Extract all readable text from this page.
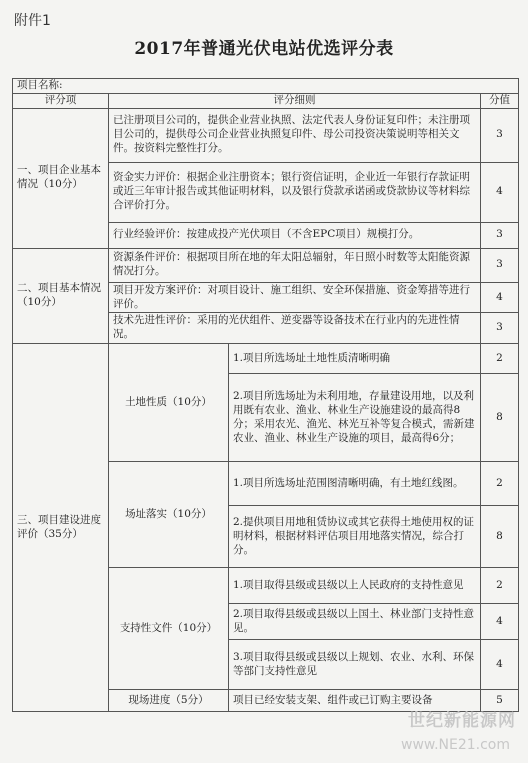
附件1
2017年普通光伏电站优选评分表
项目名称:			
评分项	评分细则		分值
一、项目企业基本情况（10分）	已注册项目公司的，提供企业营业执照、法定代表人身份证复印件；未注册项目公司的，提供母公司企业营业执照复印件、母公司投资决策说明等相关文件。按资料完整性打分。		3
	资金实力评价：根据企业注册资本；银行资信证明，企业近一年银行存款证明或近三年审计报告或其他证明材料，以及银行贷款承诺函或贷款协议等材料综合评价打分。		4
	行业经验评价：按建成投产光伏项目（不含EPC项目）规模打分。		3
二、项目基本情况（10分）	资源条件评价：根据项目所在地的年太阳总辐射，年日照小时数等太阳能资源情况打分。		3
	项目开发方案评价：对项目设计、施工组织、安全环保措施、资金筹措等进行评价。		4
	技术先进性评价：采用的光伏组件、逆变器等设备技术在行业内的先进性情况。		3
三、项目建设进度评价（35分）	土地性质（10分）	1.项目所选场址土地性质清晰明确	2
		2.项目所选场址为未利用地，存量建设用地，以及利用既有农业、渔业、林业生产设施建设的最高得8分；采用农光、渔光、林光互补等复合模式，需新建农业、渔业、林业生产设施的项目，最高得6分；	8
	场址落实（10分）	1.项目所选场址范围图清晰明确，有土地红线图。	2
		2.提供项目用地租赁协议或其它获得土地使用权的证明材料，根据材料评估项目用地落实情况，综合打分。	8
	支持性文件（10分）	1.项目取得县级或县级以上人民政府的支持性意见	2
		2.项目取得县级或县级以上国土、林业部门支持性意见。	4
		3.项目取得县级或县级以上规划、农业、水利、环保等部门支持性意见	4
	现场进度（5分）	项目已经安装支架、组件或已订购主要设备	5
世纪新能源网
www.NE21.com
